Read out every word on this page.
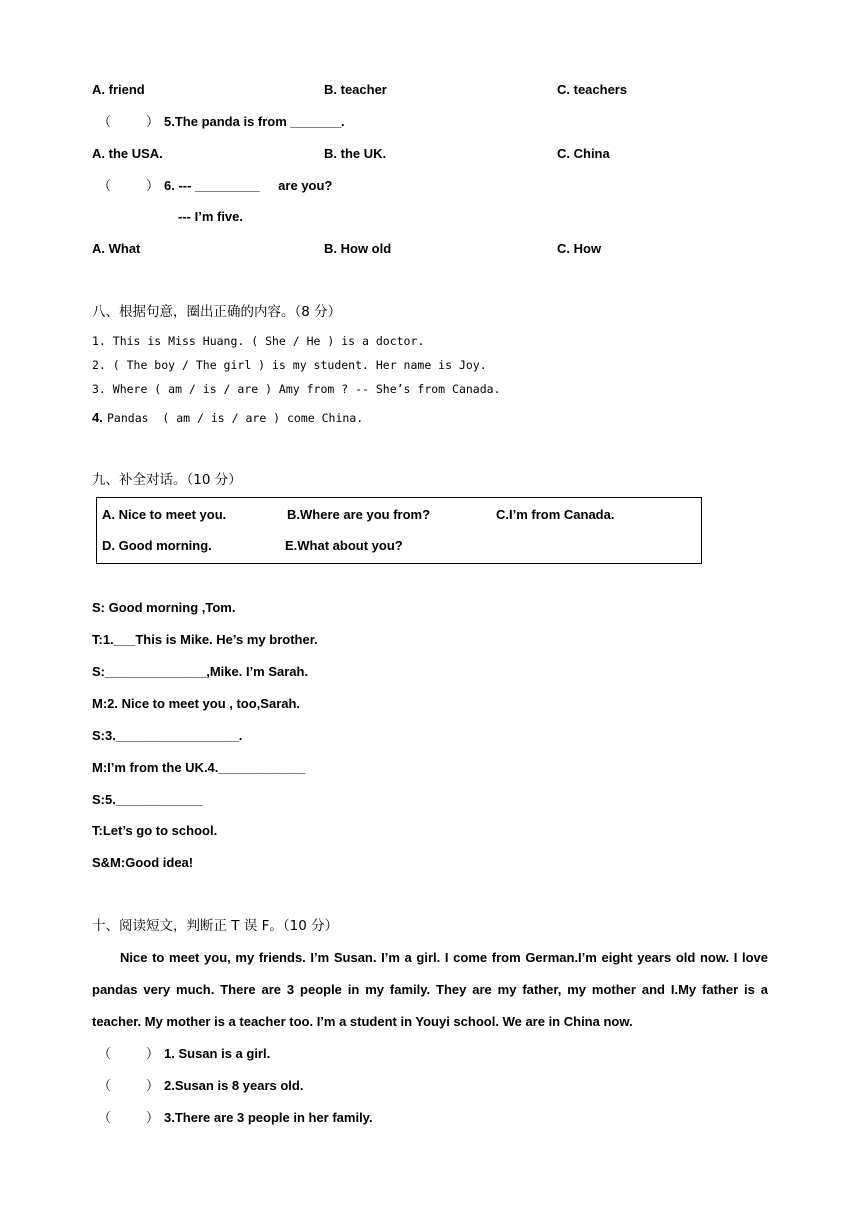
A. friend	B. teacher	C. teachers
（	） 5.The panda is from _______.
A. the USA.	B. the UK.	C. China
（	） 6. --- _________     are you?
--- I’m five.
A. What	B. How old	C. How
八、根据句意，圈出正确的内容。（8 分）
1. This is Miss Huang. ( She / He ) is a doctor.
2. ( The boy / The girl ) is my student. Her name is Joy.
3. Where ( am / is / are ) Amy from ? -- She’s from Canada.
4. Pandas  ( am / is / are ) come China.
九、补全对话。（10 分）
A. Nice to meet you.	B.Where are you from?	C.I’m from Canada.
D. Good morning.	E.What about you?
S: Good morning ,Tom.
T:1.___This is Mike. He’s my brother.
S:______________,Mike. I’m Sarah.
M:2. Nice to meet you , too,Sarah.
S:3._________________.
M:I’m from the UK.4.____________
S:5.____________
T:Let’s go to school.
S&M:Good idea!
十、阅读短文，判断正 T 误 F。（10 分）
Nice to meet you, my friends. I’m Susan. I’m a girl. I come from German.I’m eight years old now. I love pandas very much. There are 3 people in my family. They are my father, my mother and I.My father is a teacher. My mother is a teacher too. I’m a student in Youyi school. We are in China now.
（	） 1. Susan is a girl.
（	） 2.Susan is 8 years old.
（	） 3.There are 3 people in her family.
